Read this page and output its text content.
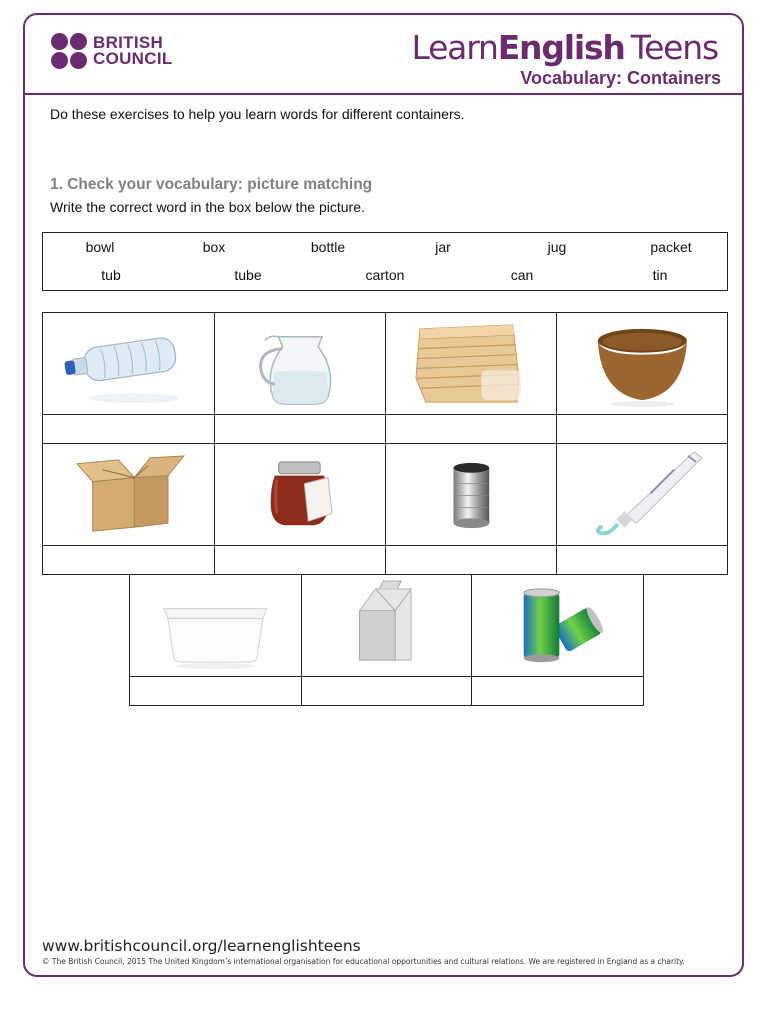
BRITISH
COUNCIL	LearnEnglish Teens
Vocabulary: Containers
Do these exercises to help you learn words for different containers.
1. Check your vocabulary: picture matching
Write the correct word in the box below the picture.
bowl	box	bottle	jar	jug	packet
tub	tube	carton	can	tin

www.britishcouncil.org/learnenglishteens
© The British Council, 2015 The United Kingdom’s international organisation for educational opportunities and cultural relations. We are registered in England as a charity.
